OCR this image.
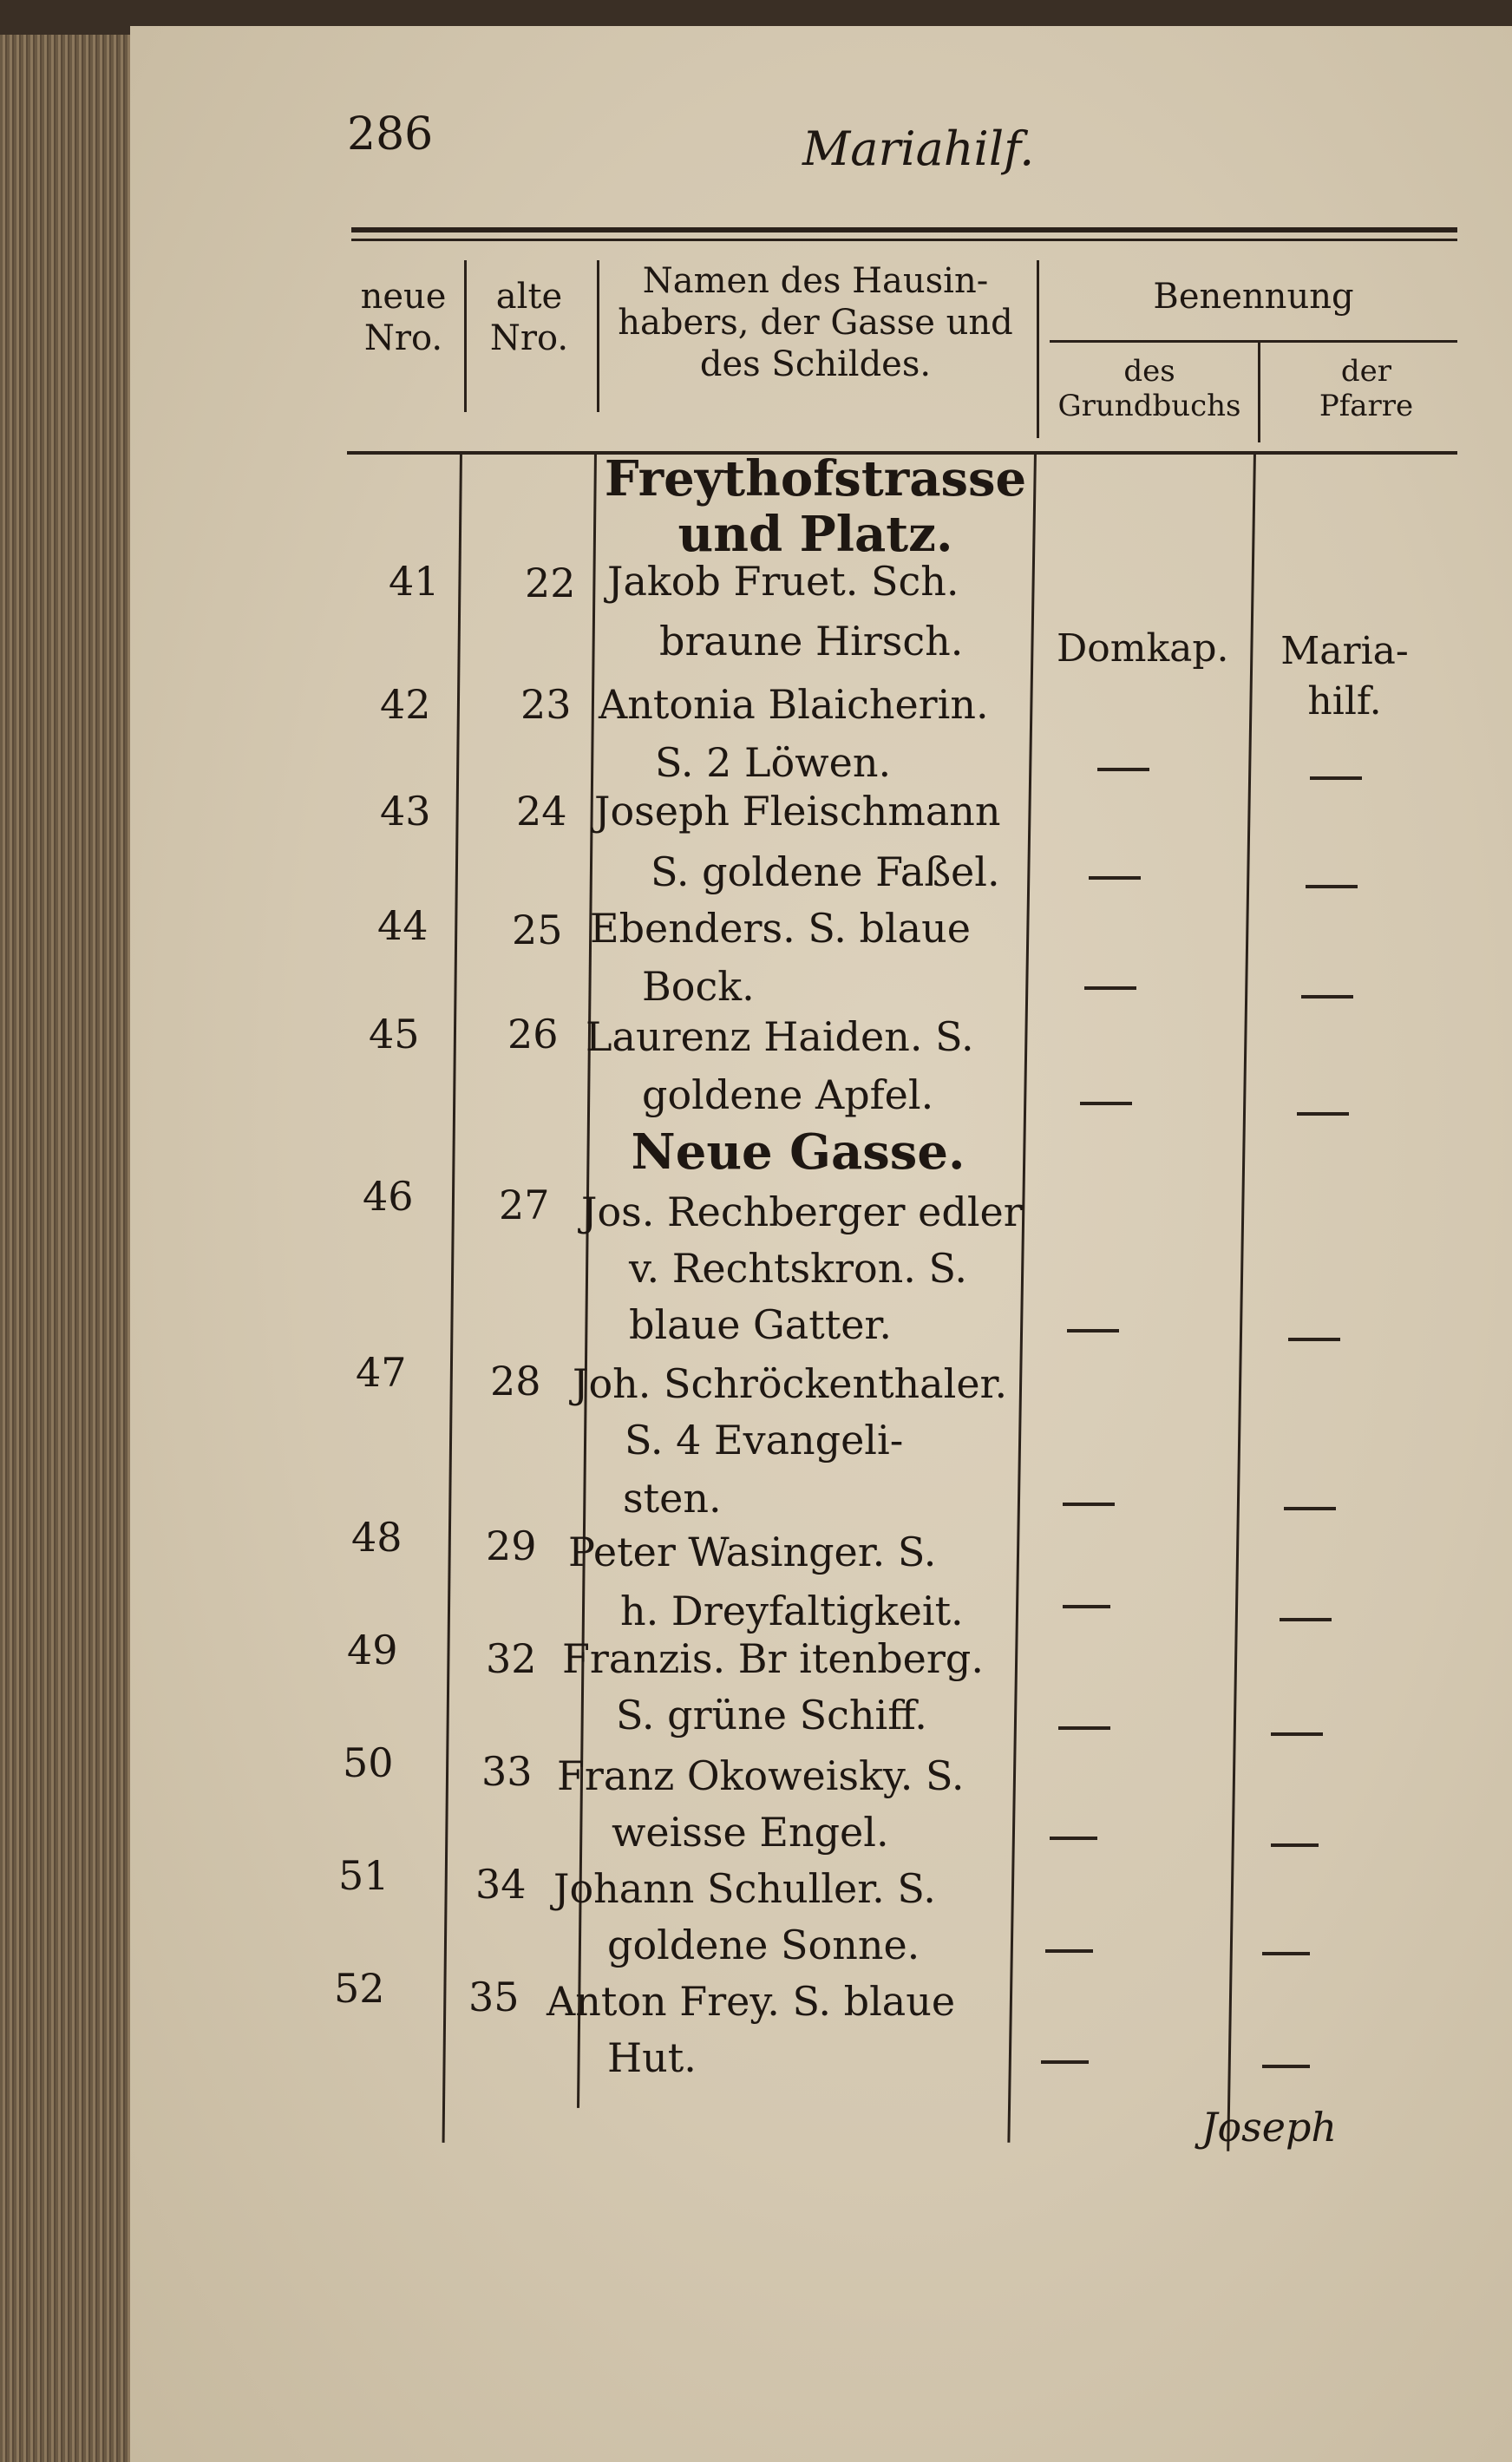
286	Mariahilf.
neue
Nro.
alte
Nro.
Namen des Hausin-
habers, der Gasse und
des Schildes.
Benennung
des
Grundbuchs
der
Pfarre
Freythofstrasse
und Platz.
41 22 Jakob Fruet. Sch.
braune Hirsch. Domkap. Maria-hilf.
42 23 Antonia Blaicherin.
S. 2 Löwen.
43 24 Joseph Fleischmann
S. goldene Faßel.
44 25 Ebenders. S. blaue
Bock.
45 26 Laurenz Haiden. S.
goldene Apfel.
Neue Gasse.
46 27 Jos. Rechberger edler
v. Rechtskron. S.
blaue Gatter.
47 28 Joh. Schröckenthaler.
S. 4 Evangeli-
sten.
48 29 Peter Wasinger. S.
h. Dreyfaltigkeit.
49 32 Franzis. Br itenberg.
S. grüne Schiff.
50 33 Franz Okoweisky. S.
weisse Engel.
51 34 Johann Schuller. S.
goldene Sonne.
52 35 Anton Frey. S. blaue
Hut.
Joseph
